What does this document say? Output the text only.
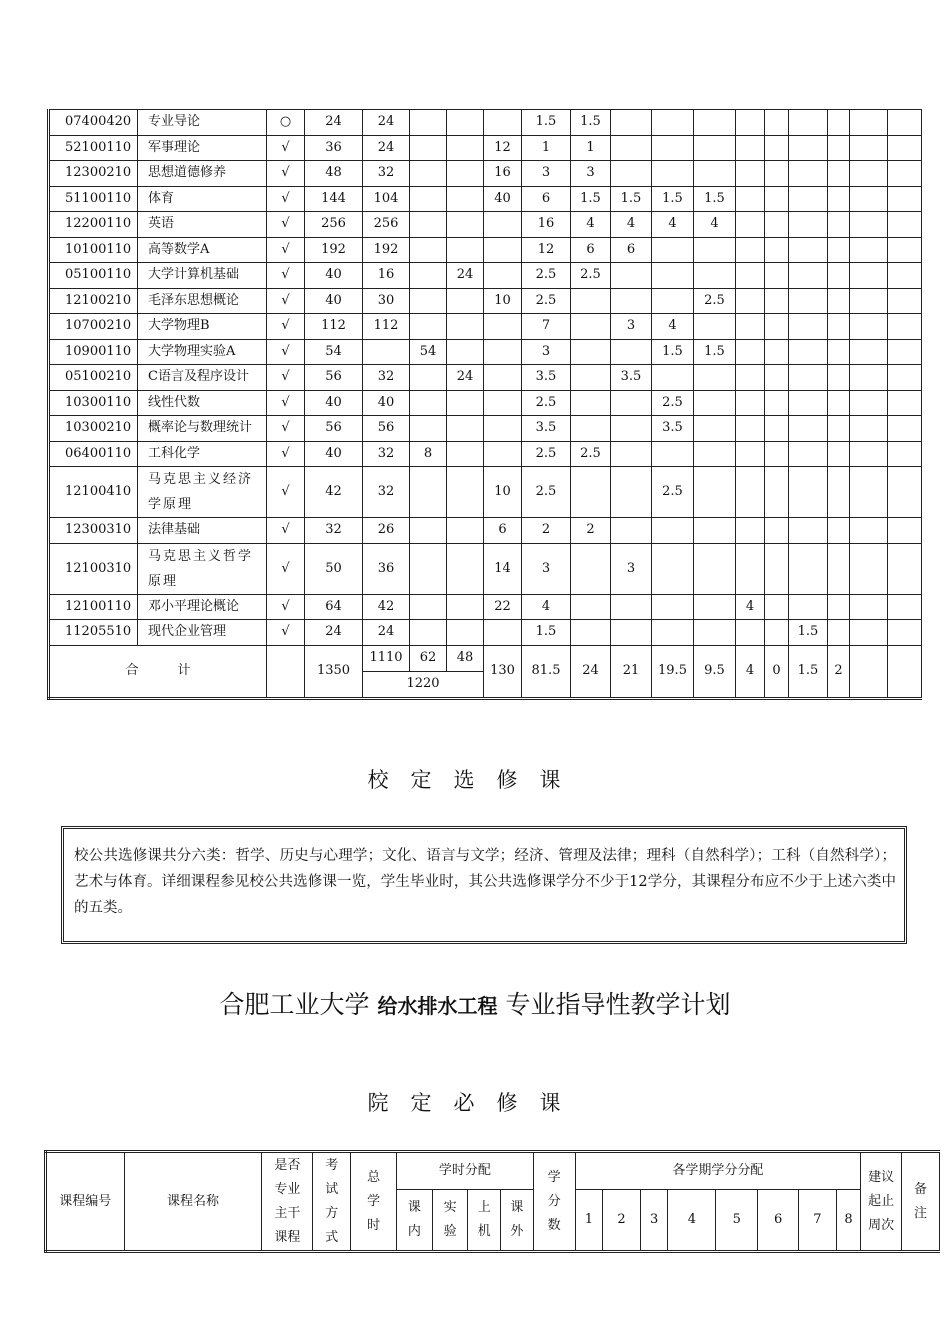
07400420	专业导论	○	24	24				1.5	1.5									
52100110	军事理论	√	36	24			12	1	1									
12300210	思想道德修养	√	48	32			16	3	3									
51100110	体育	√	144	104			40	6	1.5	1.5	1.5	1.5						
12200110	英语	√	256	256				16	4	4	4	4						
10100110	高等数学A	√	192	192				12	6	6								
05100110	大学计算机基础	√	40	16		24		2.5	2.5									
12100210	毛泽东思想概论	√	40	30			10	2.5				2.5						
10700210	大学物理B	√	112	112				7		3	4							
10900110	大学物理实验A	√	54		54			3			1.5	1.5						
05100210	C语言及程序设计	√	56	32		24		3.5		3.5								
10300110	线性代数	√	40	40				2.5			2.5							
10300210	概率论与数理统计	√	56	56				3.5			3.5							
06400110	工科化学	√	40	32	8			2.5	2.5									
12100410	马克思主义经济学原理	√	42	32			10	2.5			2.5							
12300310	法律基础	√	32	26			6	2	2									
12100310	马克思主义哲学原理	√	50	36			14	3		3								
12100110	邓小平理论概论	√	64	42			22	4					4					
11205510	现代企业管理	√	24	24				1.5							1.5			
合　　　计			1350	1110	62	48	130	81.5	24	21	19.5	9.5	4	0	1.5	2		
				1220														
校定选修课
校公共选修课共分六类：哲学、历史与心理学；文化、语言与文学；经济、管理及法律；理科（自然科学）；工科（自然科学）；艺术与体育。详细课程参见校公共选修课一览，学生毕业时，其公共选修课学分不少于12学分，其课程分布应不少于上述六类中的五类。
合肥工业大学 给水排水工程 专业指导性教学计划
院定必修课
课程编号	课程名称	是否专业主干课程	考试方式	总学时	学时分配				学分数	各学期学分分配								建议起止周次	备注
					课内	实验	上机	课外		1	2	3	4	5	6	7	8		
